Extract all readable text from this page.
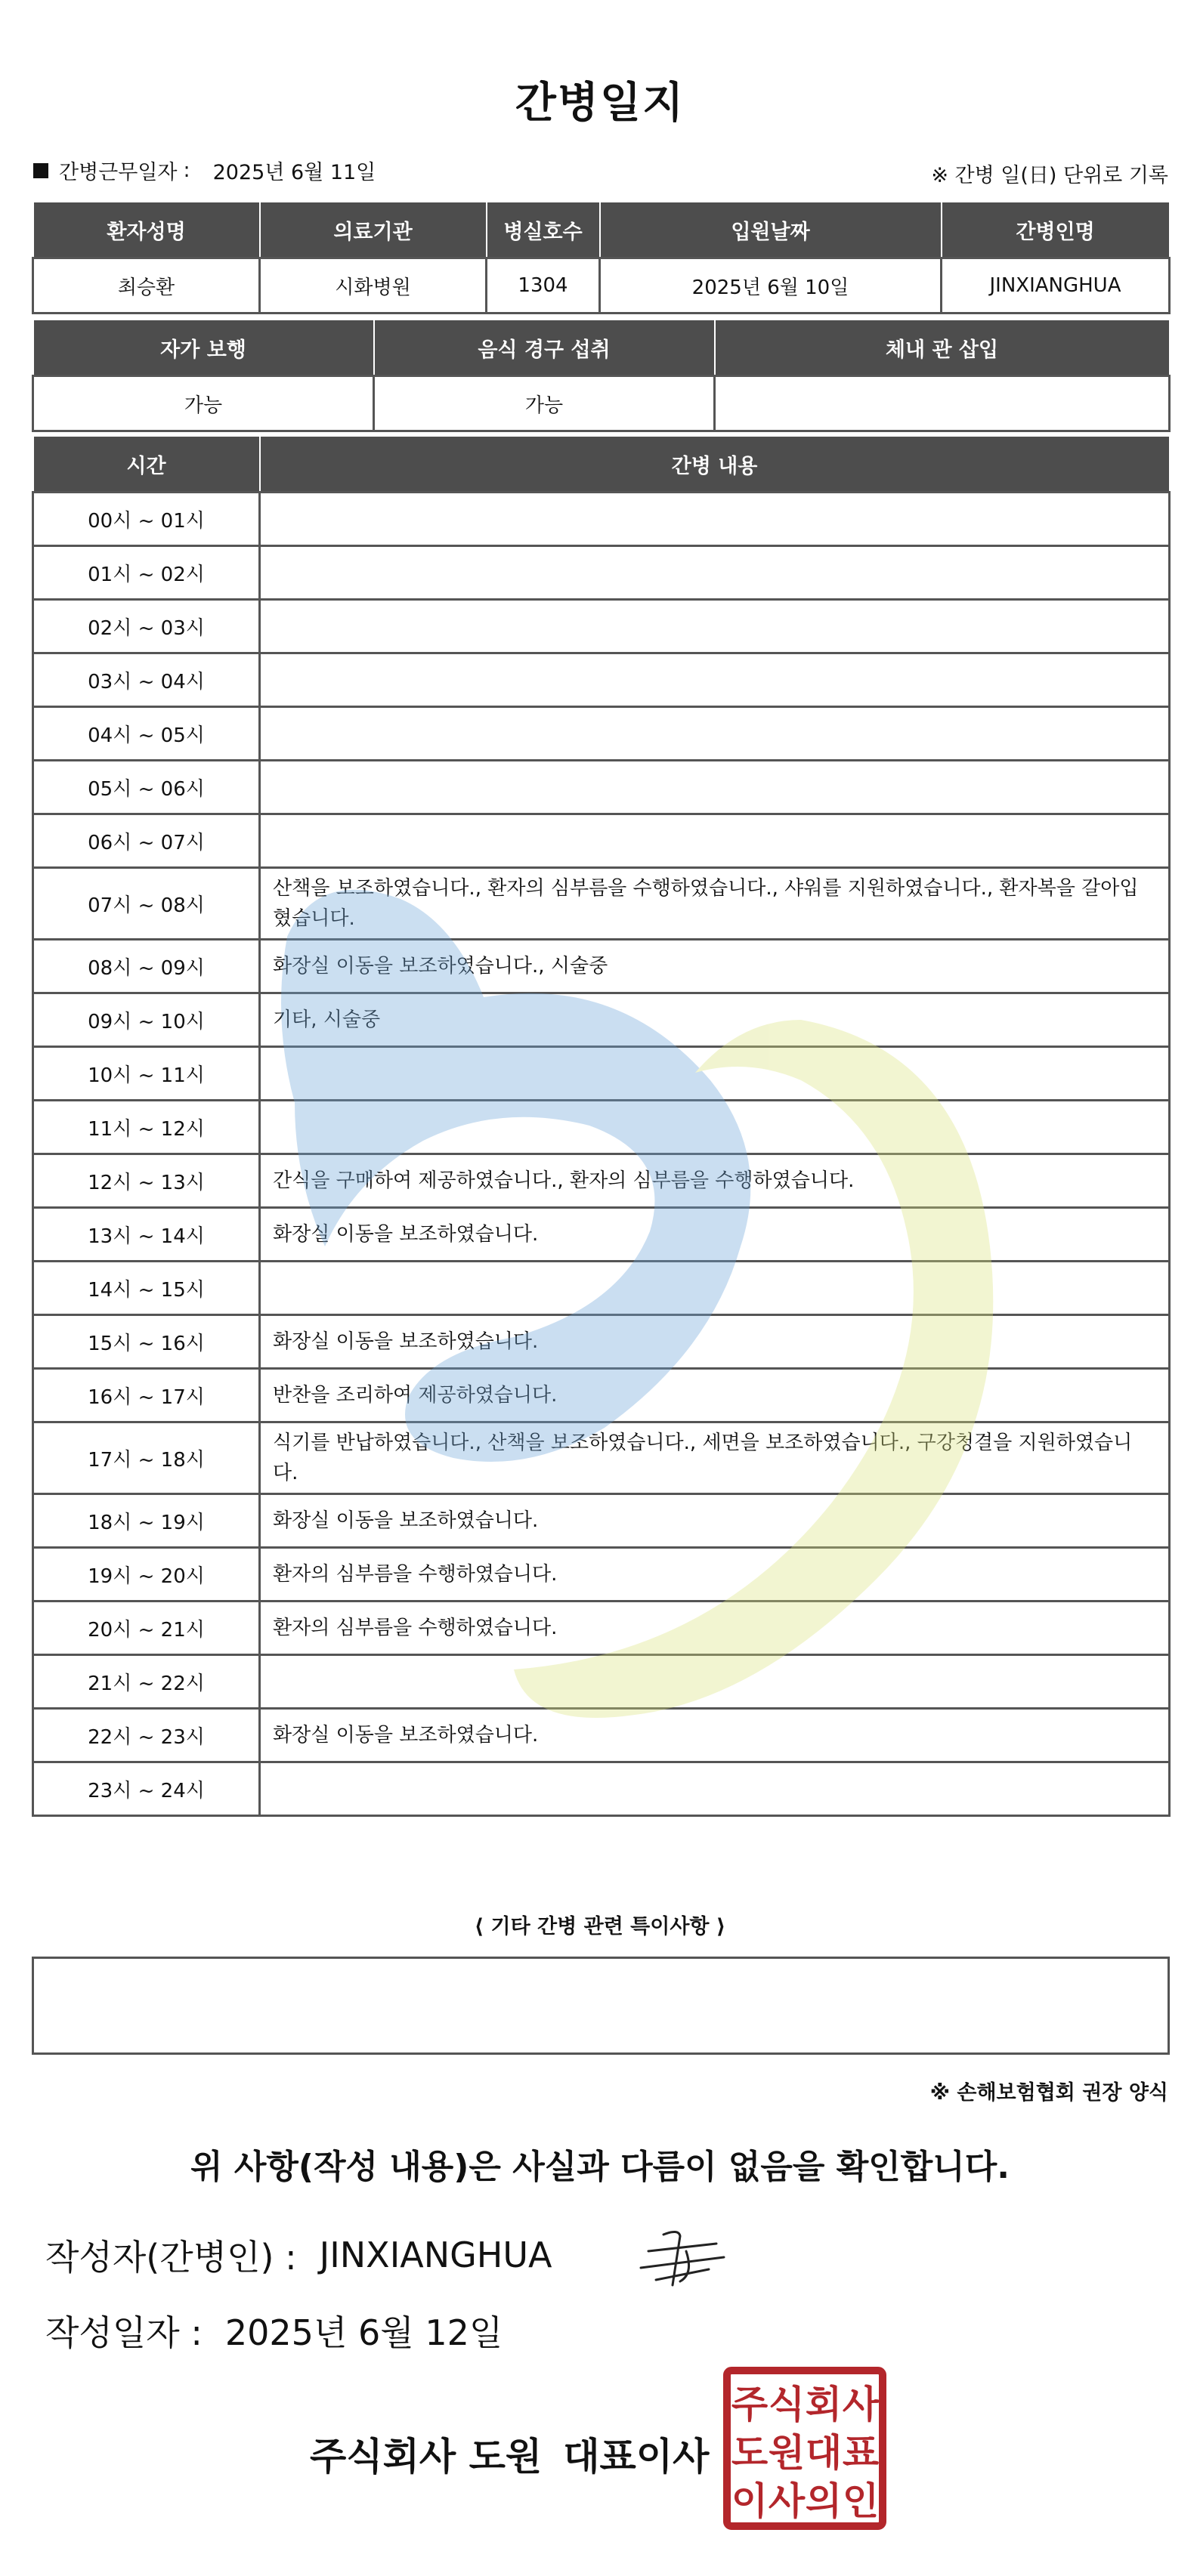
간병일지
간병근무일자 : 2025년 6월 11일	※ 간병 일(日) 단위로 기록
환자성명	의료기관	병실호수	입원날짜	간병인명
최승환	시화병원	1304	2025년 6월 10일	JINXIANGHUA
자가 보행	음식 경구 섭취	체내 관 삽입
가능	가능	
시간	간병 내용
00시 ~ 01시	
01시 ~ 02시	
02시 ~ 03시	
03시 ~ 04시	
04시 ~ 05시	
05시 ~ 06시	
06시 ~ 07시	
07시 ~ 08시	산책을 보조하였습니다., 환자의 심부름을 수행하였습니다., 샤워를 지원하였습니다., 환자복을 갈아입혔습니다.
08시 ~ 09시	화장실 이동을 보조하였습니다., 시술중
09시 ~ 10시	기타, 시술중
10시 ~ 11시	
11시 ~ 12시	
12시 ~ 13시	간식을 구매하여 제공하였습니다., 환자의 심부름을 수행하였습니다.
13시 ~ 14시	화장실 이동을 보조하였습니다.
14시 ~ 15시	
15시 ~ 16시	화장실 이동을 보조하였습니다.
16시 ~ 17시	반찬을 조리하여 제공하였습니다.
17시 ~ 18시	식기를 반납하였습니다., 산책을 보조하였습니다., 세면을 보조하였습니다., 구강청결을 지원하였습니다.
18시 ~ 19시	화장실 이동을 보조하였습니다.
19시 ~ 20시	환자의 심부름을 수행하였습니다.
20시 ~ 21시	환자의 심부름을 수행하였습니다.
21시 ~ 22시	
22시 ~ 23시	화장실 이동을 보조하였습니다.
23시 ~ 24시	
⟨ 기타 간병 관련 특이사항 ⟩
※ 손해보험협회 권장 양식
위 사항(작성 내용)은 사실과 다름이 없음을 확인합니다.
작성자(간병인) : JINXIANGHUA
작성일자 : 2025년 6월 12일
주식회사 도원 대표이사
주 식 회 사
도 원 대 표
이 사 의 인
